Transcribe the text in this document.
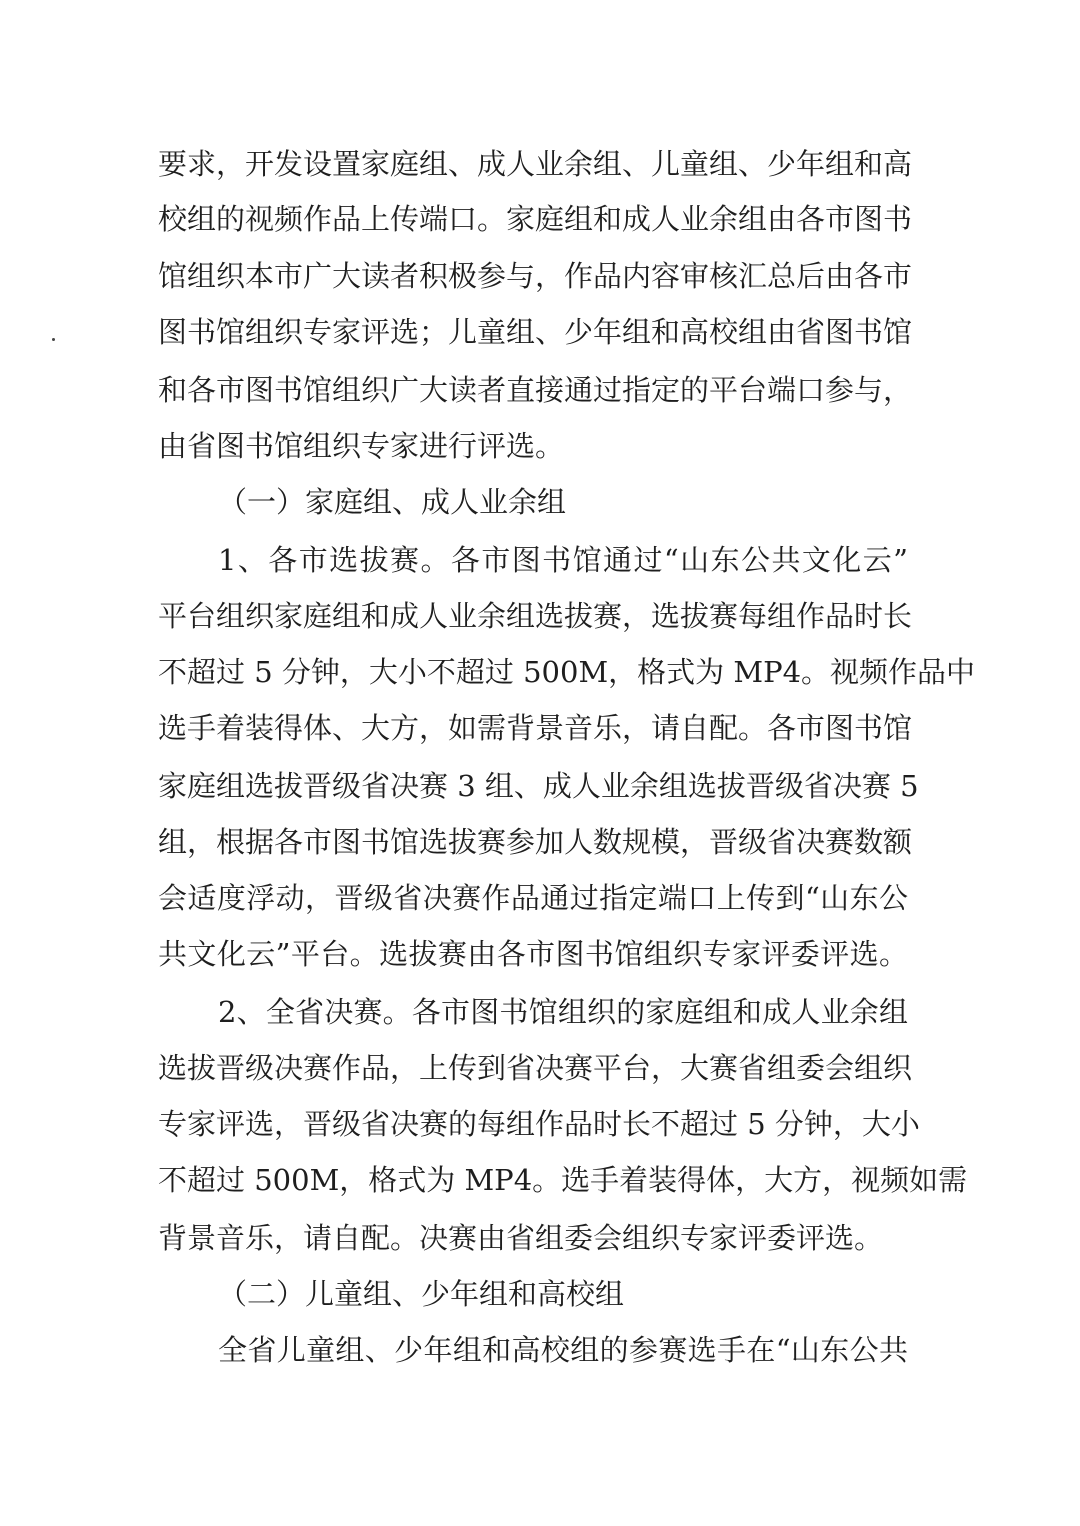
要求，开发设置家庭组、成人业余组、儿童组、少年组和高
校组的视频作品上传端口。家庭组和成人业余组由各市图书
馆组织本市广大读者积极参与，作品内容审核汇总后由各市
图书馆组织专家评选；儿童组、少年组和高校组由省图书馆
和各市图书馆组织广大读者直接通过指定的平台端口参与，
由省图书馆组织专家进行评选。
（一）家庭组、成人业余组
1、各市选拔赛。各市图书馆通过“山东公共文化云”
平台组织家庭组和成人业余组选拔赛，选拔赛每组作品时长
不超过 5 分钟，大小不超过 500M，格式为 MP4。视频作品中
选手着装得体、大方，如需背景音乐，请自配。各市图书馆
家庭组选拔晋级省决赛 3 组、成人业余组选拔晋级省决赛 5
组，根据各市图书馆选拔赛参加人数规模，晋级省决赛数额
会适度浮动，晋级省决赛作品通过指定端口上传到“山东公
共文化云”平台。选拔赛由各市图书馆组织专家评委评选。
2、全省决赛。各市图书馆组织的家庭组和成人业余组
选拔晋级决赛作品，上传到省决赛平台，大赛省组委会组织
专家评选，晋级省决赛的每组作品时长不超过 5 分钟，大小
不超过 500M，格式为 MP4。选手着装得体，大方，视频如需
背景音乐，请自配。决赛由省组委会组织专家评委评选。
（二）儿童组、少年组和高校组
全省儿童组、少年组和高校组的参赛选手在“山东公共
